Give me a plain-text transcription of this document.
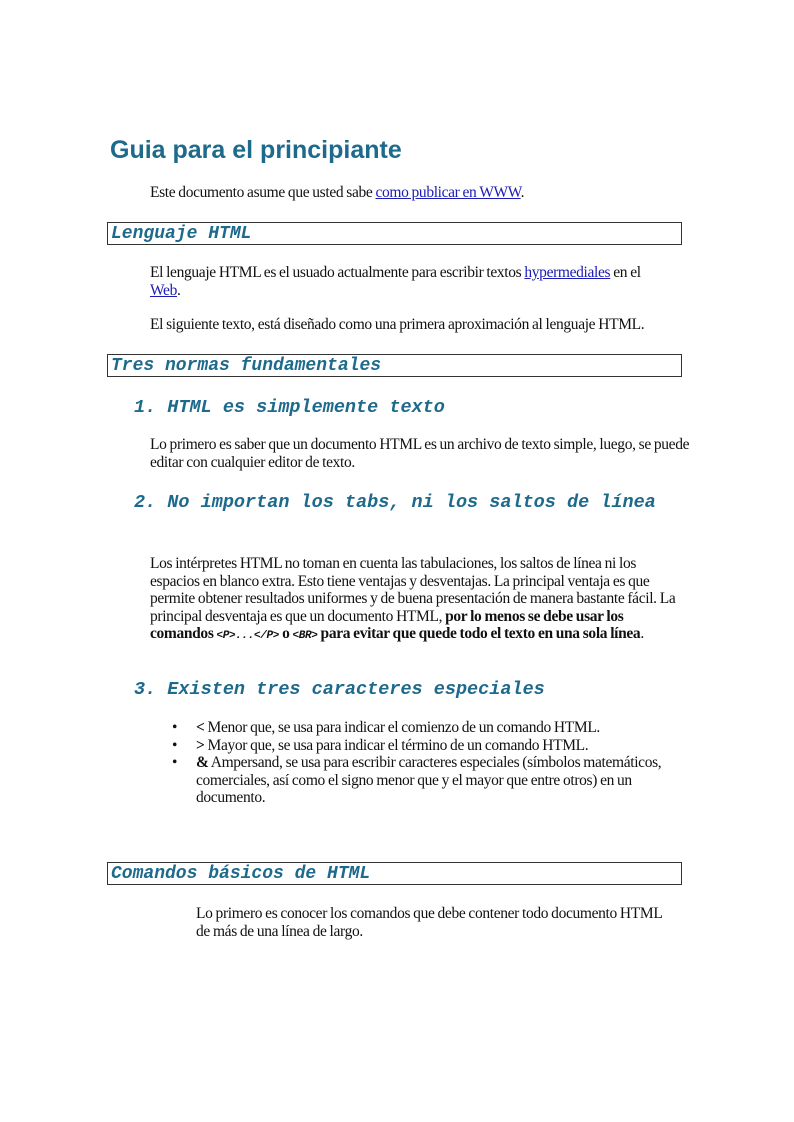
Guia para el principiante

Este documento asume que usted sabe como publicar en WWW.

Lenguaje HTML

El lenguaje HTML es el usuado actualmente para escribir textos hypermediales en el Web.

El siguiente texto, está diseñado como una primera aproximación al lenguaje HTML.

Tres normas fundamentales
1. HTML es simplemente texto

Lo primero es saber que un documento HTML es un archivo de texto simple, luego, se puede editar con cualquier editor de texto.

2. No importan los tabs, ni los saltos de línea

Los intérpretes HTML no toman en cuenta las tabulaciones, los saltos de línea ni los espacios en blanco extra. Esto tiene ventajas y desventajas. La principal ventaja es que permite obtener resultados uniformes y de buena presentación de manera bastante fácil. La principal desventaja es que un documento HTML, por lo menos se debe usar los comandos <P>...</P> o <BR> para evitar que quede todo el texto en una sola línea.

3. Existen tres caracteres especiales
• < Menor que, se usa para indicar el comienzo de un comando HTML.
• > Mayor que, se usa para indicar el término de un comando HTML.
• & Ampersand, se usa para escribir caracteres especiales (símbolos matemáticos, comerciales, así como el signo menor que y el mayor que entre otros) en un documento.
Comandos básicos de HTML

Lo primero es conocer los comandos que debe contener todo documento HTML de más de una línea de largo.
